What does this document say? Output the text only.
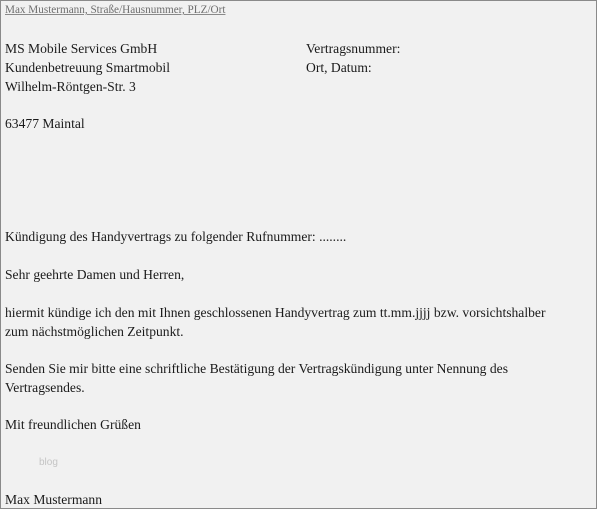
Max Mustermann, Straße/Hausnummer, PLZ/Ort
MS Mobile Services GmbH
Kundenbetreuung Smartmobil
Wilhelm-Röntgen-Str. 3
63477 Maintal
Vertragsnummer:
Ort, Datum:
Kündigung des Handyvertrags zu folgender Rufnummer: ........
Sehr geehrte Damen und Herren,
hiermit kündige ich den mit Ihnen geschlossenen Handyvertrag zum tt.mm.jjjj bzw. vorsichtshalber
zum nächstmöglichen Zeitpunkt.
Senden Sie mir bitte eine schriftliche Bestätigung der Vertragskündigung unter Nennung des
Vertragsendes.
Mit freundlichen Grüßen
blog
Max Mustermann
